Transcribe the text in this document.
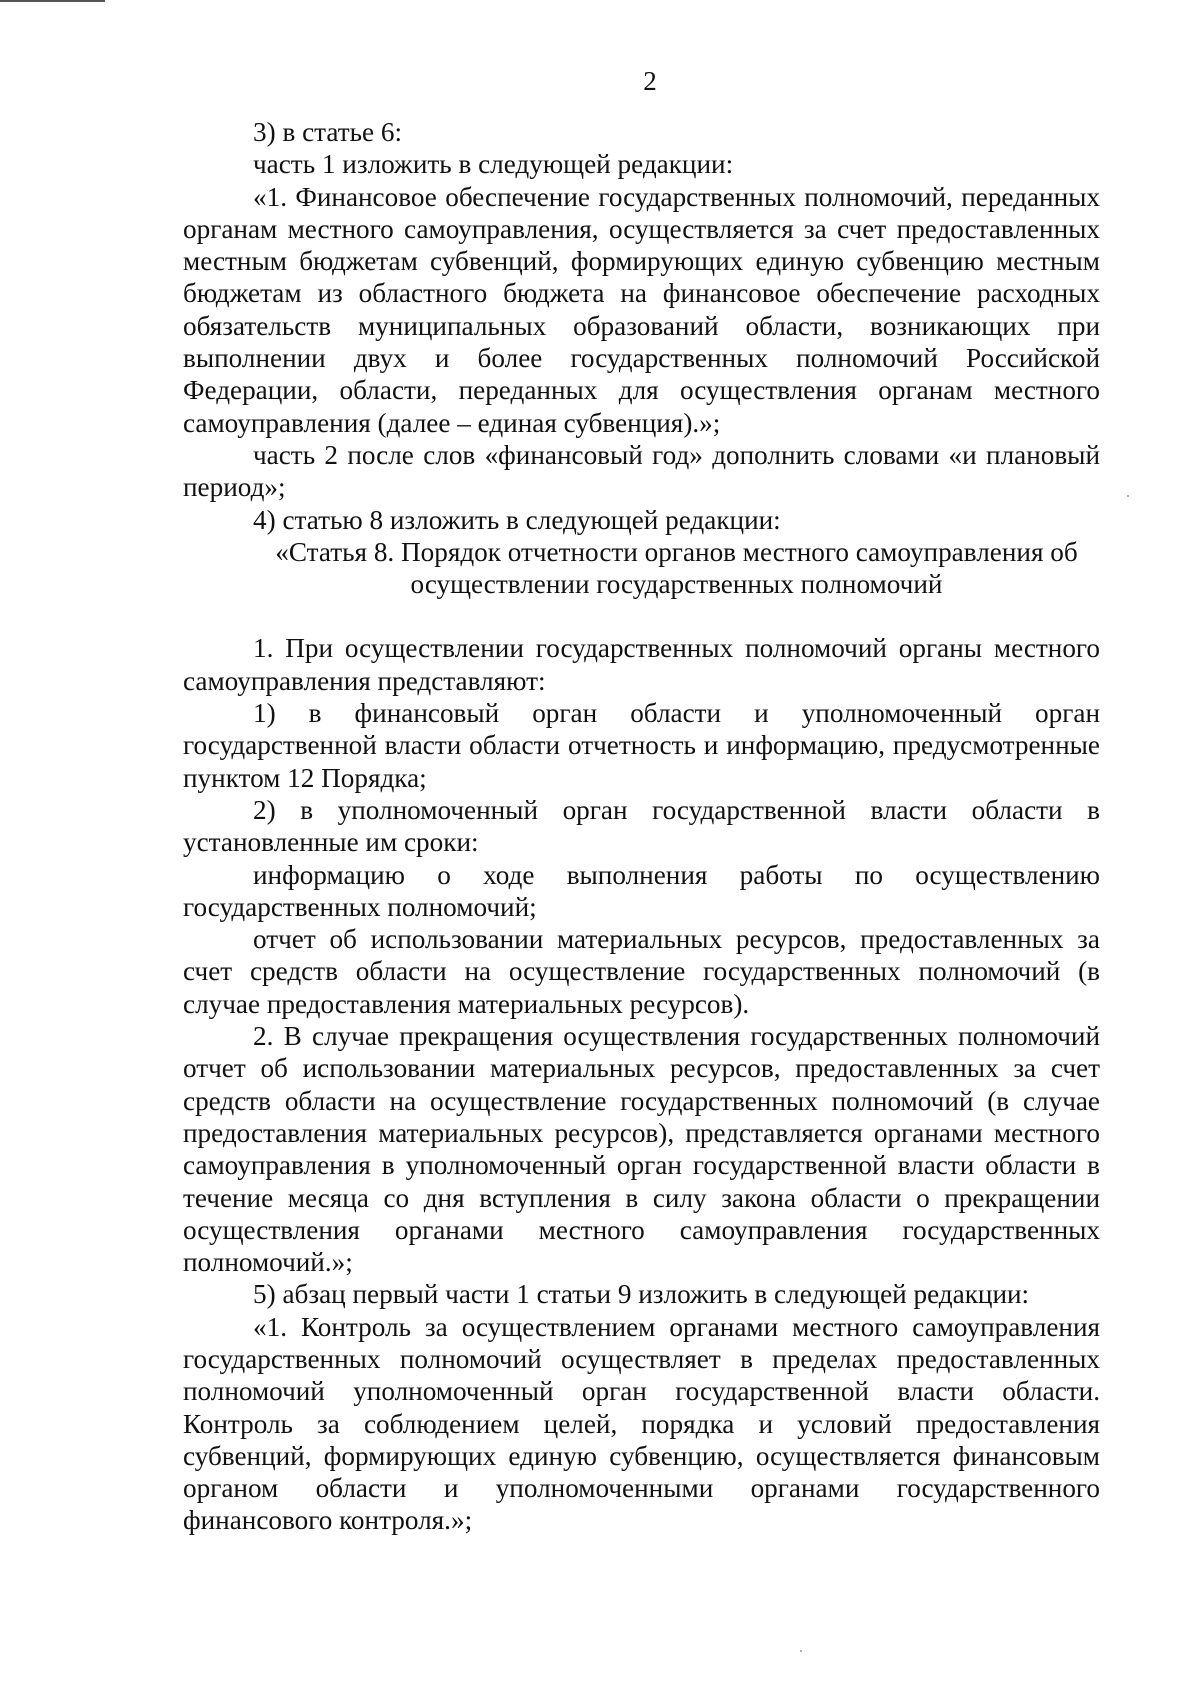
2

3) в статье 6:

часть 1 изложить в следующей редакции:

«1. Финансовое обеспечение государственных полномочий, переданных органам местного самоуправления, осуществляется за счет предоставленных местным бюджетам субвенций, формирующих единую субвенцию местным бюджетам из областного бюджета на финансовое обеспечение расходных обязательств муниципальных образований области, возникающих при выполнении двух и более государственных полномочий Российской Федерации, области, переданных для осуществления органам местного самоуправления (далее – единая субвенция).»;

часть 2 после слов «финансовый год» дополнить словами «и плановый период»;

4) статью 8 изложить в следующей редакции:

«Статья 8. Порядок отчетности органов местного самоуправления об осуществлении государственных полномочий

1. При осуществлении государственных полномочий органы местного самоуправления представляют:

1) в финансовый орган области и уполномоченный орган государственной власти области отчетность и информацию, предусмотренные пунктом 12 Порядка;

2) в уполномоченный орган государственной власти области в установленные им сроки:

информацию о ходе выполнения работы по осуществлению государственных полномочий;

отчет об использовании материальных ресурсов, предоставленных за счет средств области на осуществление государственных полномочий (в случае предоставления материальных ресурсов).

2. В случае прекращения осуществления государственных полномочий отчет об использовании материальных ресурсов, предоставленных за счет средств области на осуществление государственных полномочий (в случае предоставления материальных ресурсов), представляется органами местного самоуправления в уполномоченный орган государственной власти области в течение месяца со дня вступления в силу закона области о прекращении осуществления органами местного самоуправления государственных полномочий.»;

5) абзац первый части 1 статьи 9 изложить в следующей редакции:

«1. Контроль за осуществлением органами местного самоуправления государственных полномочий осуществляет в пределах предоставленных полномочий уполномоченный орган государственной власти области. Контроль за соблюдением целей, порядка и условий предоставления субвенций, формирующих единую субвенцию, осуществляется финансовым органом области и уполномоченными органами государственного финансового контроля.»;
